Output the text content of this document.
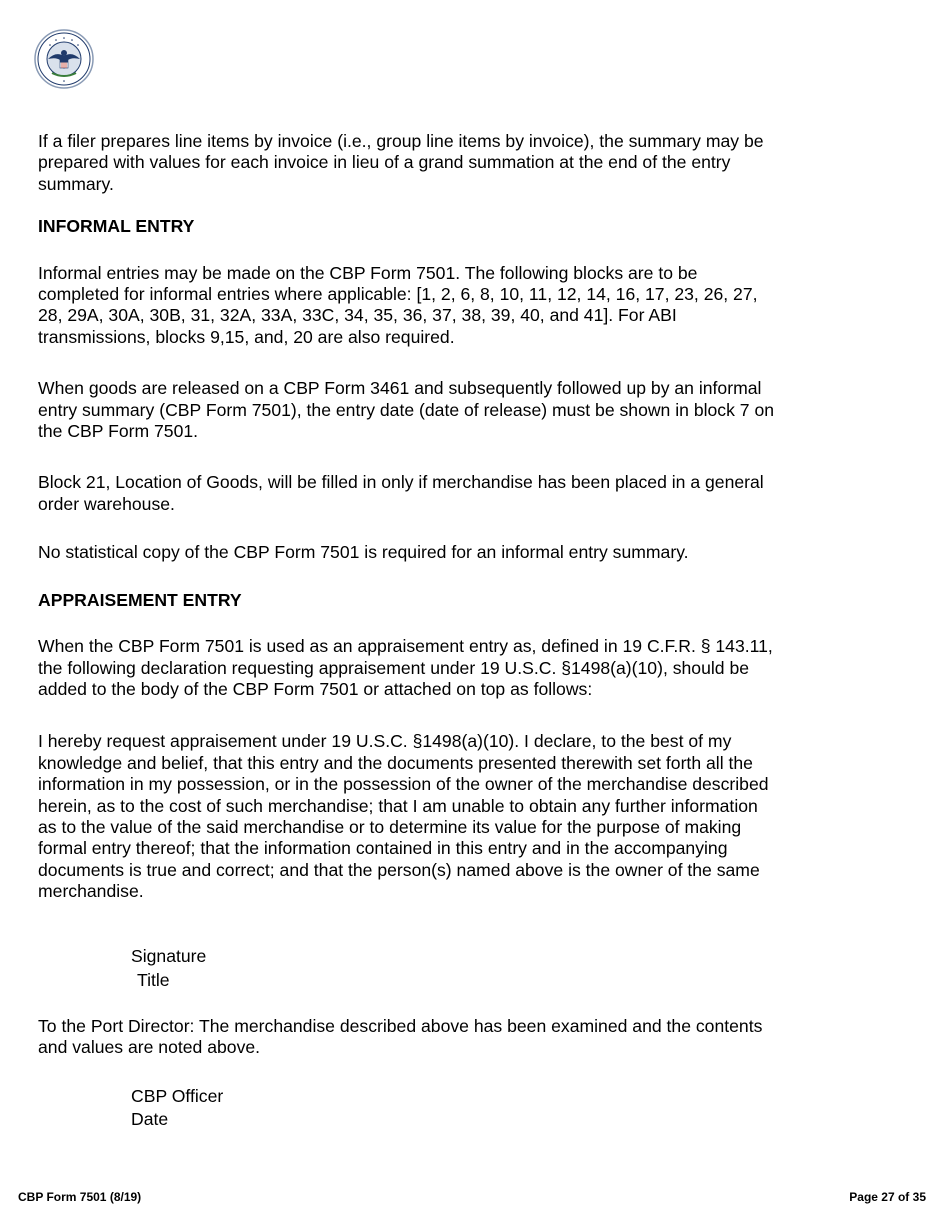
If a filer prepares line items by invoice (i.e., group line items by invoice), the summary may be prepared with values for each invoice in lieu of a grand summation at the end of the entry summary.

INFORMAL ENTRY

Informal entries may be made on the CBP Form 7501. The following blocks are to be completed for informal entries where applicable: [1, 2, 6, 8, 10, 11, 12, 14, 16, 17, 23, 26, 27, 28, 29A, 30A, 30B, 31, 32A, 33A, 33C, 34, 35, 36, 37, 38, 39, 40, and 41]. For ABI transmissions, blocks 9,15, and, 20 are also required.

When goods are released on a CBP Form 3461 and subsequently followed up by an informal entry summary (CBP Form 7501), the entry date (date of release) must be shown in block 7 on the CBP Form 7501.

Block 21, Location of Goods, will be filled in only if merchandise has been placed in a general order warehouse.

No statistical copy of the CBP Form 7501 is required for an informal entry summary.

APPRAISEMENT ENTRY

When the CBP Form 7501 is used as an appraisement entry as, defined in 19 C.F.R. § 143.11, the following declaration requesting appraisement under 19 U.S.C. §1498(a)(10), should be added to the body of the CBP Form 7501 or attached on top as follows:

I hereby request appraisement under 19 U.S.C. §1498(a)(10). I declare, to the best of my knowledge and belief, that this entry and the documents presented therewith set forth all the information in my possession, or in the possession of the owner of the merchandise described herein, as to the cost of such merchandise; that I am unable to obtain any further information as to the value of the said merchandise or to determine its value for the purpose of making formal entry thereof; that the information contained in this entry and in the accompanying documents is true and correct; and that the person(s) named above is the owner of the same merchandise.

Signature
Title

To the Port Director: The merchandise described above has been examined and the contents and values are noted above.

CBP Officer
Date
CBP Form 7501 (8/19)	Page 27 of 35
